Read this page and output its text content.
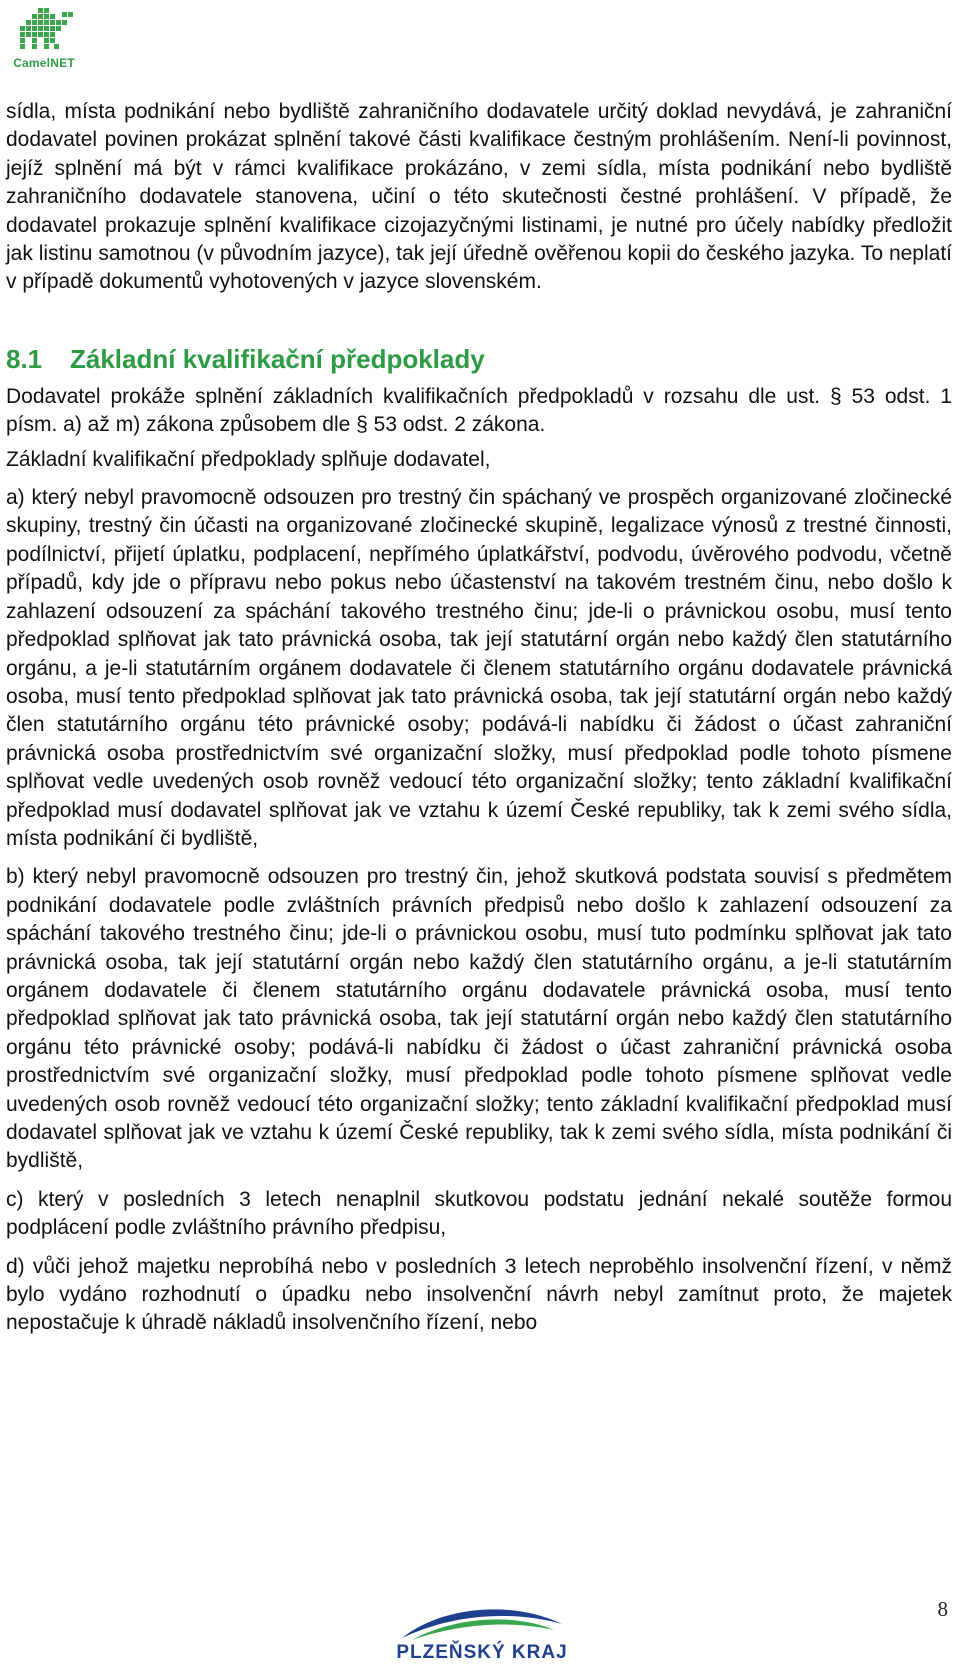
CamelNET

sídla, místa podnikání nebo bydliště zahraničního dodavatele určitý doklad nevydává, je zahraniční dodavatel povinen prokázat splnění takové části kvalifikace čestným prohlášením. Není-li povinnost, jejíž splnění má být v rámci kvalifikace prokázáno, v zemi sídla, místa podnikání nebo bydliště zahraničního dodavatele stanovena, učiní o této skutečnosti čestné prohlášení. V případě, že dodavatel prokazuje splnění kvalifikace cizojazyčnými listinami, je nutné pro účely nabídky předložit jak listinu samotnou (v původním jazyce), tak její úředně ověřenou kopii do českého jazyka. To neplatí v případě dokumentů vyhotovených v jazyce slovenském.

8.1 Základní kvalifikační předpoklady

Dodavatel prokáže splnění základních kvalifikačních předpokladů v rozsahu dle ust. § 53 odst. 1 písm. a) až m) zákona způsobem dle § 53 odst. 2 zákona.

Základní kvalifikační předpoklady splňuje dodavatel,

a) který nebyl pravomocně odsouzen pro trestný čin spáchaný ve prospěch organizované zločinecké skupiny, trestný čin účasti na organizované zločinecké skupině, legalizace výnosů z trestné činnosti, podílnictví, přijetí úplatku, podplacení, nepřímého úplatkářství, podvodu, úvěrového podvodu, včetně případů, kdy jde o přípravu nebo pokus nebo účastenství na takovém trestném činu, nebo došlo k zahlazení odsouzení za spáchání takového trestného činu; jde-li o právnickou osobu, musí tento předpoklad splňovat jak tato právnická osoba, tak její statutární orgán nebo každý člen statutárního orgánu, a je-li statutárním orgánem dodavatele či členem statutárního orgánu dodavatele právnická osoba, musí tento předpoklad splňovat jak tato právnická osoba, tak její statutární orgán nebo každý člen statutárního orgánu této právnické osoby; podává-li nabídku či žádost o účast zahraniční právnická osoba prostřednictvím své organizační složky, musí předpoklad podle tohoto písmene splňovat vedle uvedených osob rovněž vedoucí této organizační složky; tento základní kvalifikační předpoklad musí dodavatel splňovat jak ve vztahu k území České republiky, tak k zemi svého sídla, místa podnikání či bydliště,

b) který nebyl pravomocně odsouzen pro trestný čin, jehož skutková podstata souvisí s předmětem podnikání dodavatele podle zvláštních právních předpisů nebo došlo k zahlazení odsouzení za spáchání takového trestného činu; jde-li o právnickou osobu, musí tuto podmínku splňovat jak tato právnická osoba, tak její statutární orgán nebo každý člen statutárního orgánu, a je-li statutárním orgánem dodavatele či členem statutárního orgánu dodavatele právnická osoba, musí tento předpoklad splňovat jak tato právnická osoba, tak její statutární orgán nebo každý člen statutárního orgánu této právnické osoby; podává-li nabídku či žádost o účast zahraniční právnická osoba prostřednictvím své organizační složky, musí předpoklad podle tohoto písmene splňovat vedle uvedených osob rovněž vedoucí této organizační složky; tento základní kvalifikační předpoklad musí dodavatel splňovat jak ve vztahu k území České republiky, tak k zemi svého sídla, místa podnikání či bydliště,

c) který v posledních 3 letech nenaplnil skutkovou podstatu jednání nekalé soutěže formou podplácení podle zvláštního právního předpisu,

d) vůči jehož majetku neprobíhá nebo v posledních 3 letech neproběhlo insolvenční řízení, v němž bylo vydáno rozhodnutí o úpadku nebo insolvenční návrh nebyl zamítnut proto, že majetek nepostačuje k úhradě nákladů insolvenčního řízení, nebo

8
PLZEŇSKÝ KRAJ
